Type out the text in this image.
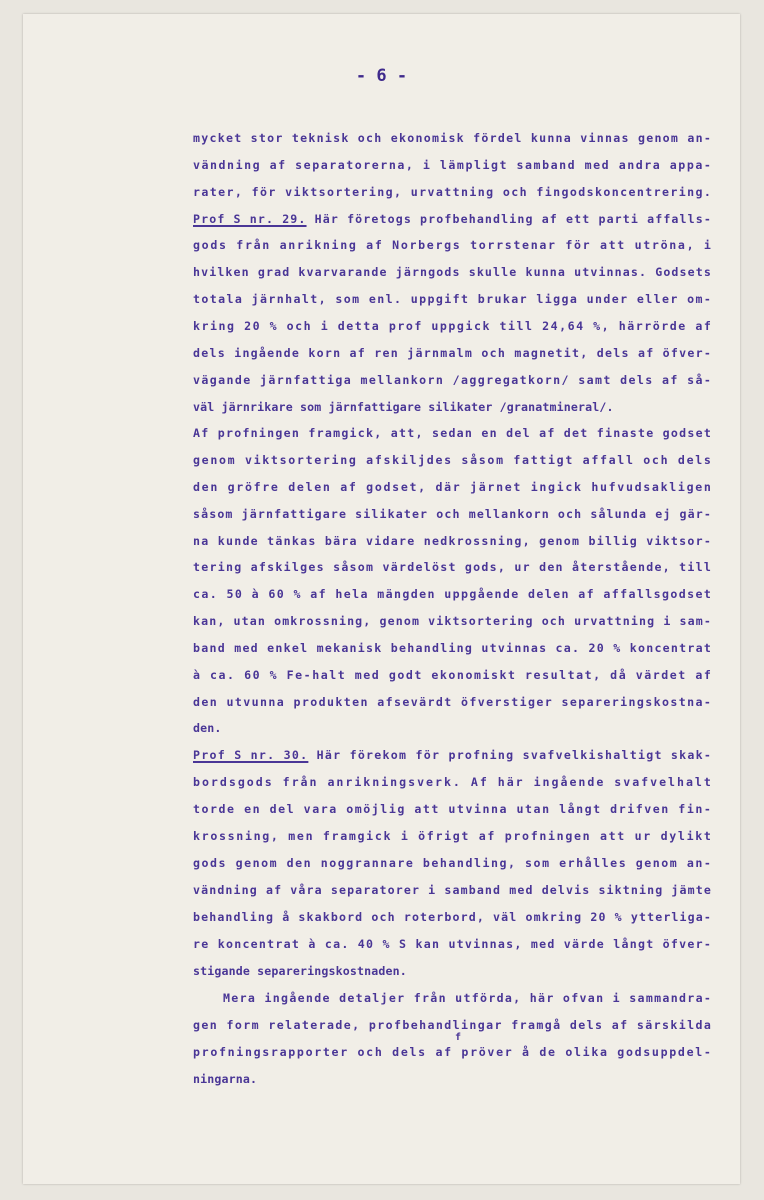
- 6 -
mycket stor teknisk och ekonomisk fördel kunna vinnas genom an-
vändning af separatorerna, i lämpligt samband med andra appa-
rater, för viktsortering, urvattning och fingodskoncentrering.
Prof S nr. 29. Här företogs profbehandling af ett parti affalls-
gods från anrikning af Norbergs torrstenar för att utröna, i
hvilken grad kvarvarande järngods skulle kunna utvinnas. Godsets
totala järnhalt, som enl. uppgift brukar ligga under eller om-
kring 20 % och i detta prof uppgick till 24,64 %, härrörde af
dels ingående korn af ren järnmalm och magnetit, dels af öfver-
vägande järnfattiga mellankorn /aggregatkorn/ samt dels af så-
väl järnrikare som järnfattigare silikater /granatmineral/.
Af profningen framgick, att, sedan en del af det finaste godset
genom viktsortering afskiljdes såsom fattigt affall och dels
den gröfre delen af godset, där järnet ingick hufvudsakligen
såsom järnfattigare silikater och mellankorn och sålunda ej gär-
na kunde tänkas bära vidare nedkrossning, genom billig viktsor-
tering afskilges såsom värdelöst gods, ur den återstående, till
ca. 50 à 60 % af hela mängden uppgående delen af affallsgodset
kan, utan omkrossning, genom viktsortering och urvattning i sam-
band med enkel mekanisk behandling utvinnas ca. 20 % koncentrat
à ca. 60 % Fe-halt med godt ekonomiskt resultat, då värdet af
den utvunna produkten afsevärdt öfverstiger separeringskostna-
den.
Prof S nr. 30. Här förekom för profning svafvelkishaltigt skak-
bordsgods från anrikningsverk. Af här ingående svafvelhalt
torde en del vara omöjlig att utvinna utan långt drifven fin-
krossning, men framgick i öfrigt af profningen att ur dylikt
gods genom den noggrannare behandling, som erhålles genom an-
vändning af våra separatorer i samband med delvis siktning jämte
behandling å skakbord och roterbord, väl omkring 20 % ytterliga-
re koncentrat à ca. 40 % S kan utvinnas, med värde långt öfver-
stigande separeringskostnaden.
Mera ingående detaljer från utförda, här ofvan i sammandra-
gen form relaterade, profbehandlingar framgå dels af särskilda
profningsrapporter och dels af pröver å de olika godsuppdel-
ningarna.
f
